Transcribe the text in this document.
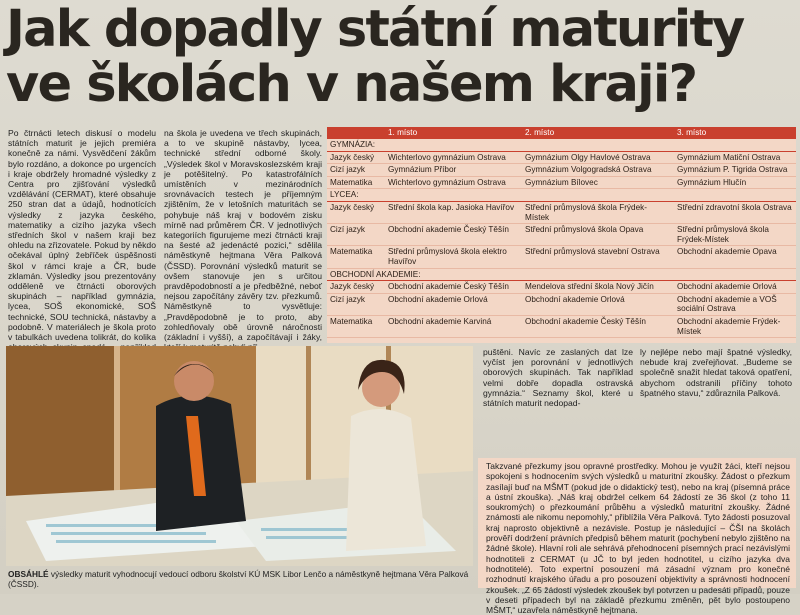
Jak dopadly státní maturity
ve školách v našem kraji?

Po čtrnácti letech diskusí o modelu státních maturit je jejich premiéra konečně za námi. Vysvědčení žákům bylo rozdáno, a dokonce po urgencích i kraje obdržely hromadné výsledky z Centra pro zjišťování výsledků vzdělávání (CERMAT), které obsahuje 250 stran dat a údajů, hodnotících výsledky z jazyka českého, matematiky a cizího jazyka všech středních škol v našem kraji bez ohledu na zřizovatele. Pokud by někdo očekával úplný žebříček úspěšnosti škol v rámci kraje a ČR, bude zklamán. Výsledky jsou prezentovány odděleně ve čtrnácti oborových skupinách – například gymnázia, lycea, SOŠ ekonomické, SOŠ technické, SOU technická, nástavby a podobně. V materiálech je škola proto v tabulkách uvedena tolikrát, do kolika

na škola je uvedena ve třech skupinách, a to ve skupině nástavby, lycea, technické střední odborné školy. „Výsledek škol v Moravskoslezském kraji je potěšitelný. Po katastrofálních umístěních v mezinárodních srovnávacích testech je příjemným zjištěním, že v letošních maturitách se pohybuje náš kraj v bodovém zisku mírně nad průměrem ČR. V jednotlivých kategoriích figurujeme mezi čtrnácti kraji na šesté až jedenácté pozici,“ sdělila náměstkyně hejtmana Věra Palková (ČSSD). Porovnání výsledků maturit se ovšem stanovuje jen s určitou pravděpodobností a je předběžné, neboť nejsou započítány závěry tzv. přezkumů. Náměstkyně to vysvětluje: „Pravděpodobně je to proto, aby zohledňovaly obě úrovně náročnosti (základní i vyšší), a započítávají i žáky,

	1. místo	2. místo	3. místo
GYMNÁZIA:			
Jazyk český	Wichterlovo gymnázium Ostrava	Gymnázium Olgy Havlové Ostrava	Gymnázium Matiční Ostrava
Cizí jazyk	Gymnázium Příbor	Gymnázium Volgogradská Ostrava	Gymnázium P. Tigrida Ostrava
Matematika	Wichterlovo gymnázium Ostrava	Gymnázium Bílovec	Gymnázium Hlučín
LYCEA:			
Jazyk český	Střední škola kap. Jasioka Havířov	Střední průmyslová škola Frýdek-Místek	Střední zdravotní škola Ostrava
Cizí jazyk	Obchodní akademie Český Těšín	Střední průmyslová škola Opava	Střední průmyslová škola Frýdek-Místek
Matematika	Střední průmyslová škola elektro Havířov	Střední průmyslová stavební Ostrava	Obchodní akademie Opava
OBCHODNÍ AKADEMIE:			
Jazyk český	Obchodní akademie Český Těšín	Mendelova střední škola Nový Jičín	Obchodní akademie Orlová
Cizí jazyk	Obchodní akademie Orlová	Obchodní akademie Orlová	Obchodní akademie a VOŠ sociální Ostrava
Matematika	Obchodní akademie Karviná	Obchodní akademie Český Těšín	Obchodní akademie Frýdek-Místek
OBSÁHLÉ výsledky maturit vyhodnocují vedoucí odboru školství KÚ MSK Libor Lenčo a náměstkyně hejtmana Věra Palková (ČSSD).

puštěni. Navíc ze zaslaných dat lze vyčíst jen porovnání v jednotlivých oborových skupinách. Tak například velmi dobře dopadla ostravská gymnázia.“ Seznamy škol, které u státních maturit nedopad-

ly nejlépe nebo mají špatné výsledky, nebude kraj zveřejňovat. „Budeme se společně snažit hledat taková opatření, abychom odstranili příčiny tohoto špatného stavu,“ zdůraznila Palková.

Takzvané přezkumy jsou opravné prostředky. Mohou je využít žáci, kteří nejsou spokojeni s hodnocením svých výsledků u maturitní zkoušky. Žádost o přezkum zasílají buď na MŠMT (pokud jde o didaktický test), nebo na kraj (písemná práce a ústní zkouška). „Náš kraj obdržel celkem 64 žádostí ze 36 škol (z toho 11 soukromých) o přezkoumání průběhu a výsledků maturitní zkoušky. Žádné známosti ale nikomu nepomohly,“ přiblížila Věra Palková. Tyto žádosti posuzoval kraj naprosto objektivně a nezávisle. Postup je následující – ČŠI na školách prověří dodržení právních předpisů během maturit (pochybení nebylo zjištěno na žádné škole). Hlavní roli ale sehrává přehodnocení písemných prací nezávislými hodnotiteli z CERMAT (u JČ to byl jeden hodnotitel, u cizího jazyka dva hodnotitelé). Toto expertní posouzení má zásadní význam pro konečné rozhodnutí krajského úřadu a pro posouzení objektivity a správnosti hodnocení zkoušek. „Z 65 žádostí výsledek zkoušek byl potvrzen u padesáti případů, pouze v deseti případech byl na základě přezkumu změněn, pět bylo postoupeno MŠMT,“ uzavřela náměstkyně hejtmana.
